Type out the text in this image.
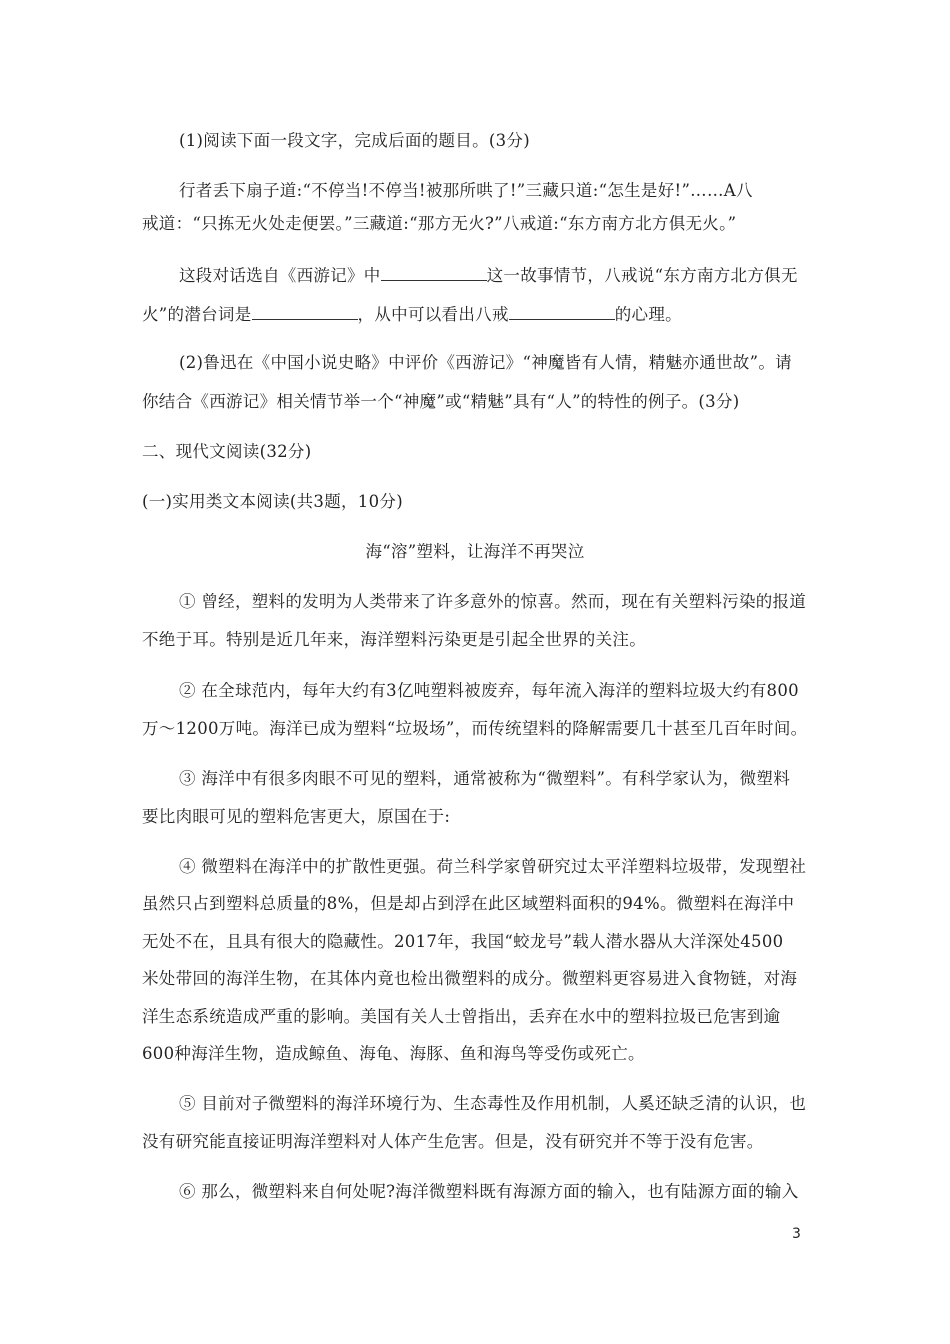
(1)阅读下面一段文字，完成后面的题目。(3分)

行者丢下扇子道:“不停当!不停当!被那所哄了!”三藏只道:“怎生是好!”……A八

戒道：“只拣无火处走便罢。”三藏道:“那方无火?”八戒道:“东方南方北方俱无火。”

这段对话选自《西游记》中	这一故事情节，八戒说“东方南方北方俱无

火”的潜台词是	，从中可以看出八戒	的心理。

(2)鲁迅在《中国小说史略》中评价《西游记》“神魔皆有人情，精魅亦通世故”。请

你结合《西游记》相关情节举一个“神魔”或“精魅”具有“人”的特性的例子。(3分)

二、现代文阅读(32分)

(一)实用类文本阅读(共3题，10分)

海“溶”塑料，让海洋不再哭泣

① 曾经，塑料的发明为人类带来了许多意外的惊喜。然而，现在有关塑料污染的报道

不绝于耳。特别是近几年来，海洋塑料污染更是引起全世界的关注。

② 在全球范内，每年大约有3亿吨塑料被废弃，每年流入海洋的塑料垃圾大约有800

万～1200万吨。海洋已成为塑料“垃圾场”，而传统望料的降解需要几十甚至几百年时间。

③ 海洋中有很多肉眼不可见的塑料，通常被称为“微塑料”。有科学家认为，微塑料

要比肉眼可见的塑料危害更大，原国在于:

④ 微塑料在海洋中的扩散性更强。荷兰科学家曾研究过太平洋塑料垃圾带，发现塑社

虽然只占到塑料总质量的8%，但是却占到浮在此区域塑料面积的94%。微塑料在海洋中

无处不在，且具有很大的隐藏性。2017年，我国“蛟龙号”载人潜水器从大洋深处4500

米处带回的海洋生物，在其体内竟也检出微塑料的成分。微塑料更容易进入食物链，对海

洋生态系统造成严重的影响。美国有关人士曾指出，丢弃在水中的塑料拉圾已危害到逾

600种海洋生物，造成鲸鱼、海龟、海豚、鱼和海鸟等受伤或死亡。

⑤ 目前对子微塑料的海洋环境行为、生态毒性及作用机制，人奚还缺乏清的认识，也

没有研究能直接证明海洋塑料对人体产生危害。但是，没有研究并不等于没有危害。

⑥ 那么，微塑料来自何处呢?海洋微塑料既有海源方面的输入，也有陆源方面的输入

3
